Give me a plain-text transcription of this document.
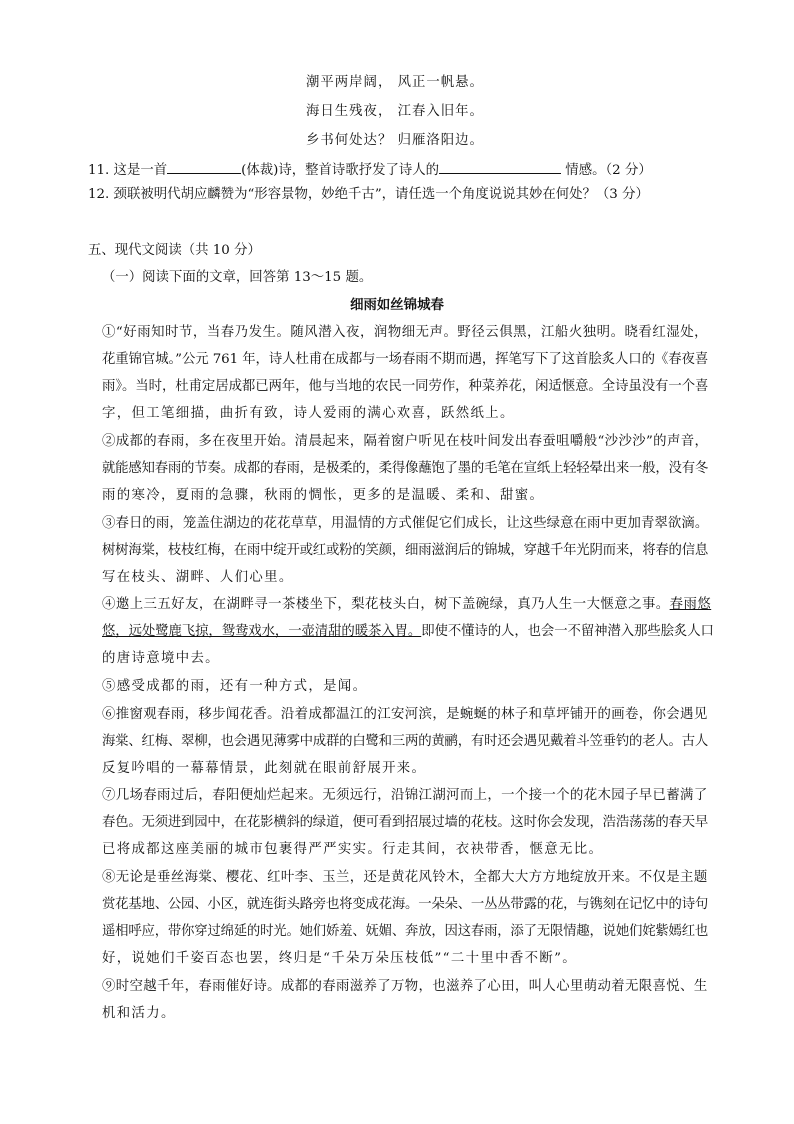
潮平两岸阔， 风正一帆悬。
海日生残夜， 江春入旧年。
乡书何处达？ 归雁洛阳边。
11. 这是一首	(体裁)诗，整首诗歌抒发了诗人的	情感。（2 分）
12. 颈联被明代胡应麟赞为“形容景物，妙绝千古”，请任选一个角度说说其妙在何处？（3 分）
五、现代文阅读（共 10 分）
（一）阅读下面的文章，回答第 13～15 题。
细雨如丝锦城春
①“好雨知时节，当春乃发生。随风潜入夜，润物细无声。野径云俱黑，江船火独明。晓看红湿处，
花重锦官城。”公元 761 年，诗人杜甫在成都与一场春雨不期而遇，挥笔写下了这首脍炙人口的《春夜喜
雨》。当时，杜甫定居成都已两年，他与当地的农民一同劳作，种菜养花，闲适惬意。全诗虽没有一个喜
字，但工笔细描，曲折有致，诗人爱雨的满心欢喜，跃然纸上。
②成都的春雨，多在夜里开始。清晨起来，隔着窗户听见在枝叶间发出春蚕咀嚼般“沙沙沙”的声音，
就能感知春雨的节奏。成都的春雨，是极柔的，柔得像蘸饱了墨的毛笔在宣纸上轻轻晕出来一般，没有冬
雨的寒冷，夏雨的急骤，秋雨的惆怅，更多的是温暖、柔和、甜蜜。
③春日的雨，笼盖住湖边的花花草草，用温情的方式催促它们成长，让这些绿意在雨中更加青翠欲滴。
树树海棠，枝枝红梅，在雨中绽开或红或粉的笑颜，细雨滋润后的锦城，穿越千年光阴而来，将春的信息
写在枝头、湖畔、人们心里。
④邀上三五好友，在湖畔寻一茶楼坐下，梨花枝头白，树下盖碗绿，真乃人生一大惬意之事。春雨悠
悠，远处鹭鹿飞掠，鸳鸯戏水，一壶清甜的暖茶入胃。即使不懂诗的人，也会一不留神潜入那些脍炙人口
的唐诗意境中去。
⑤感受成都的雨，还有一种方式，是闻。
⑥推窗观春雨，移步闻花香。沿着成都温江的江安河滨，是蜿蜒的林子和草坪铺开的画卷，你会遇见
海棠、红梅、翠柳，也会遇见薄雾中成群的白鹭和三两的黄鹂，有时还会遇见戴着斗笠垂钓的老人。古人
反复吟唱的一幕幕情景，此刻就在眼前舒展开来。
⑦几场春雨过后，春阳便灿烂起来。无须远行，沿锦江湖河而上，一个接一个的花木园子早已蓄满了
春色。无须进到园中，在花影横斜的绿道，便可看到招展过墙的花枝。这时你会发现，浩浩荡荡的春天早
已将成都这座美丽的城市包裹得严严实实。行走其间，衣袂带香，惬意无比。
⑧无论是垂丝海棠、樱花、红叶李、玉兰，还是黄花风铃木，全都大大方方地绽放开来。不仅是主题
赏花基地、公园、小区，就连街头路旁也将变成花海。一朵朵、一丛丛带露的花，与镌刻在记忆中的诗句
遥相呼应，带你穿过绵延的时光。她们娇羞、妩媚、奔放，因这春雨，添了无限情趣，说她们姹紫嫣红也
好，说她们千姿百态也罢，终归是“千朵万朵压枝低”“二十里中香不断”。
⑨时空越千年，春雨催好诗。成都的春雨滋养了万物，也滋养了心田，叫人心里萌动着无限喜悦、生
机和活力。
